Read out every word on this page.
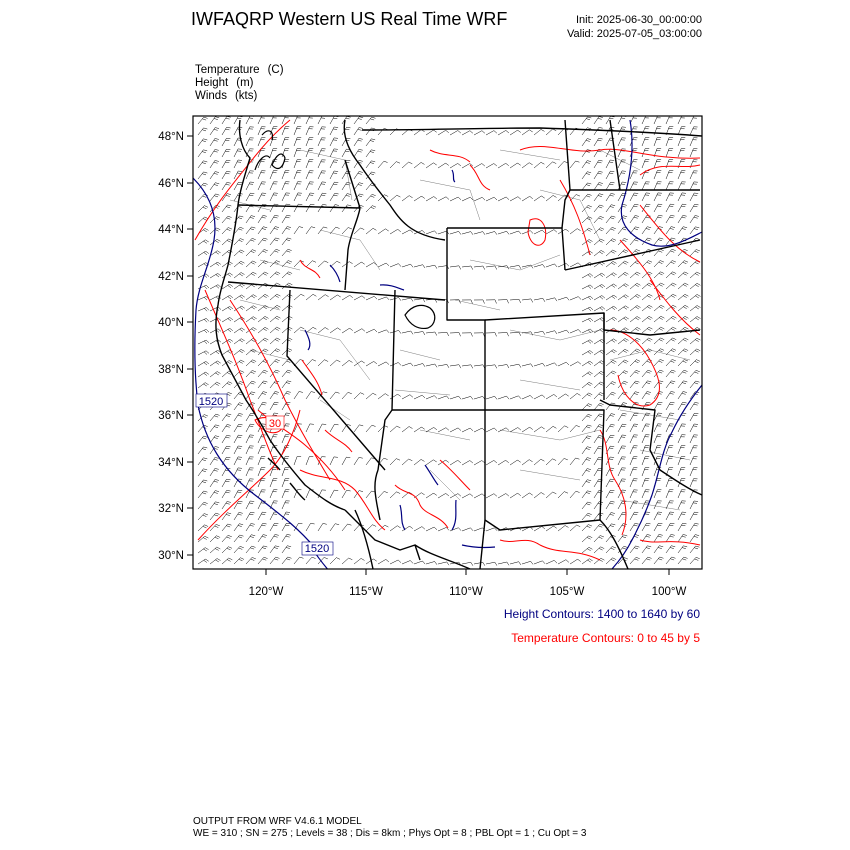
IWFAQRP Western US Real Time WRF	Init: 2025-06-30_00:00:00
Valid: 2025-07-05_03:00:00
Temperature (C)
Height (m)
Winds (kts)
48°N
46°N
44°N
42°N
40°N
38°N
36°N
34°N
32°N
30°N
120°W	115°W	110°W	105°W	100°W
1520
1520
30
Height Contours: 1400 to 1640 by 60
Temperature Contours: 0 to 45 by 5
OUTPUT FROM WRF V4.6.1 MODEL
WE = 310 ; SN = 275 ; Levels = 38 ; Dis = 8km ; Phys Opt = 8 ; PBL Opt = 1 ; Cu Opt = 3
